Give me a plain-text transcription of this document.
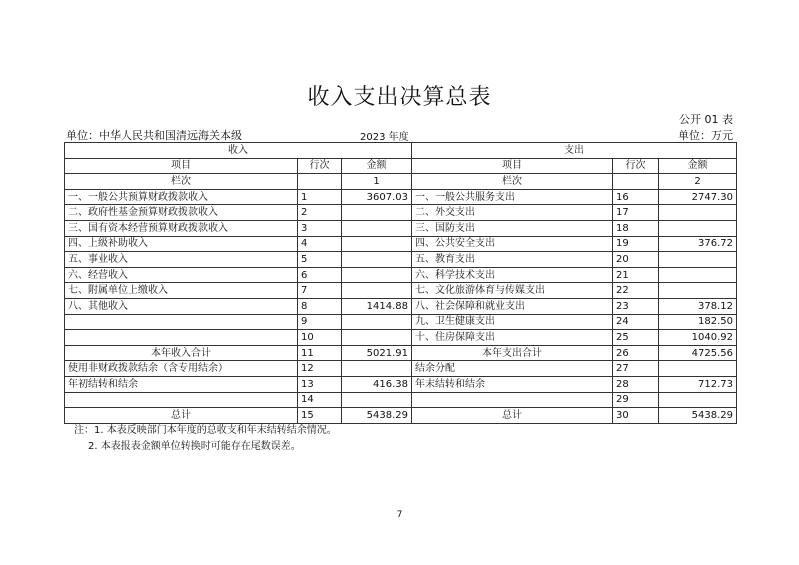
收入支出决算总表
公开 01 表
单位：中华人民共和国清远海关本级	2023 年度	单位：万元
收入			支出		
项目	行次	金额	项目	行次	金额
栏次		1	栏次		2
一、一般公共预算财政拨款收入	1	3607.03	一、一般公共服务支出	16	2747.30
二、政府性基金预算财政拨款收入	2		二、外交支出	17	
三、国有资本经营预算财政拨款收入	3		三、国防支出	18	
四、上级补助收入	4		四、公共安全支出	19	376.72
五、事业收入	5		五、教育支出	20	
六、经营收入	6		六、科学技术支出	21	
七、附属单位上缴收入	7		七、文化旅游体育与传媒支出	22	
八、其他收入	8	1414.88	八、社会保障和就业支出	23	378.12
	9		九、卫生健康支出	24	182.50
	10		十、住房保障支出	25	1040.92
本年收入合计	11	5021.91	本年支出合计	26	4725.56
使用非财政拨款结余（含专用结余）	12		结余分配	27	
年初结转和结余	13	416.38	年末结转和结余	28	712.73
	14			29	
总计	15	5438.29	总计	30	5438.29
注：1. 本表反映部门本年度的总收支和年末结转结余情况。
2. 本表报表金额单位转换时可能存在尾数误差。
7
